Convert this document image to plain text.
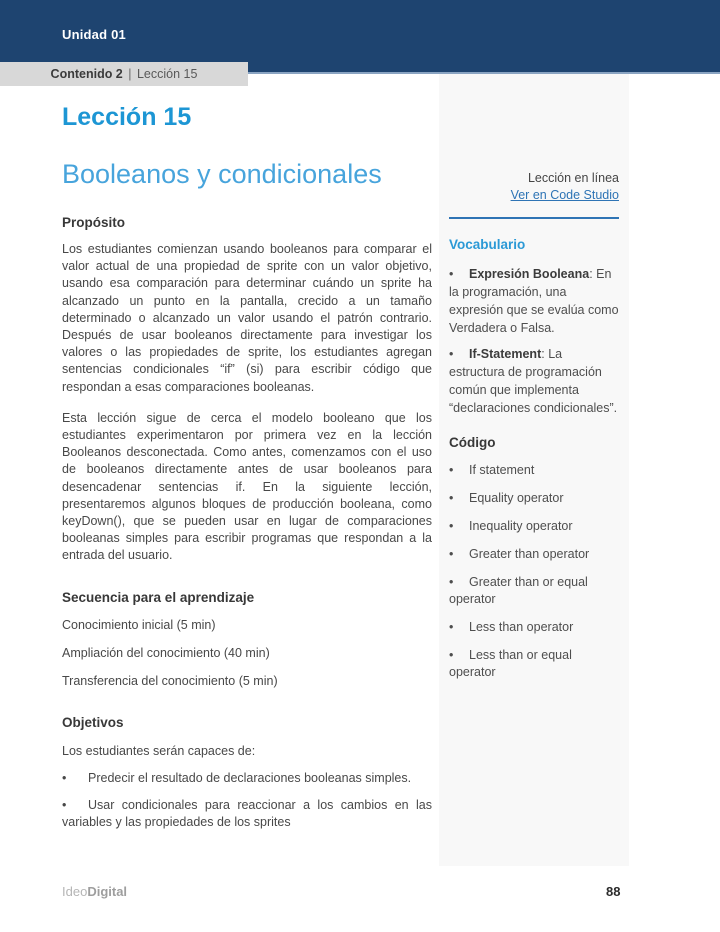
Unidad 01
Contenido 2 | Lección 15
Lección 15
Booleanos y condicionales
Propósito

Los estudiantes comienzan usando booleanos para comparar el valor actual de una propiedad de sprite con un valor objetivo, usando esa comparación para determinar cuándo un sprite ha alcanzado un punto en la pantalla, crecido a un tamaño determinado o alcanzado un valor usando el patrón contrario. Después de usar booleanos directamente para investigar los valores o las propiedades de sprite, los estudiantes agregan sentencias condicionales “if” (si) para escribir código que respondan a esas comparaciones booleanas.

Esta lección sigue de cerca el modelo booleano que los estudiantes experimentaron por primera vez en la lección Booleanos desconectada. Como antes, comenzamos con el uso de booleanos directamente antes de usar booleanos para desencadenar sentencias if. En la siguiente lección, presentaremos algunos bloques de producción booleana, como keyDown(), que se pueden usar en lugar de comparaciones booleanas simples para escribir programas que respondan a la entrada del usuario.

Secuencia para el aprendizaje

Conocimiento inicial (5 min)

Ampliación del conocimiento (40 min)

Transferencia del conocimiento (5 min)

Objetivos

Los estudiantes serán capaces de:

• Predecir el resultado de declaraciones booleanas simples.
• Usar condicionales para reaccionar a los cambios en las variables y las propiedades de los sprites
Lección en línea
Ver en Code Studio
Vocabulario
• Expresión Booleana: En la programación, una expresión que se evalúa como Verdadera o Falsa.
• If-Statement: La estructura de programación común que implementa “declaraciones condicionales”.
Código
• If statement
• Equality operator
• Inequality operator
• Greater than operator
• Greater than or equal operator
• Less than operator
• Less than or equal operator
IdeoDigital	88
